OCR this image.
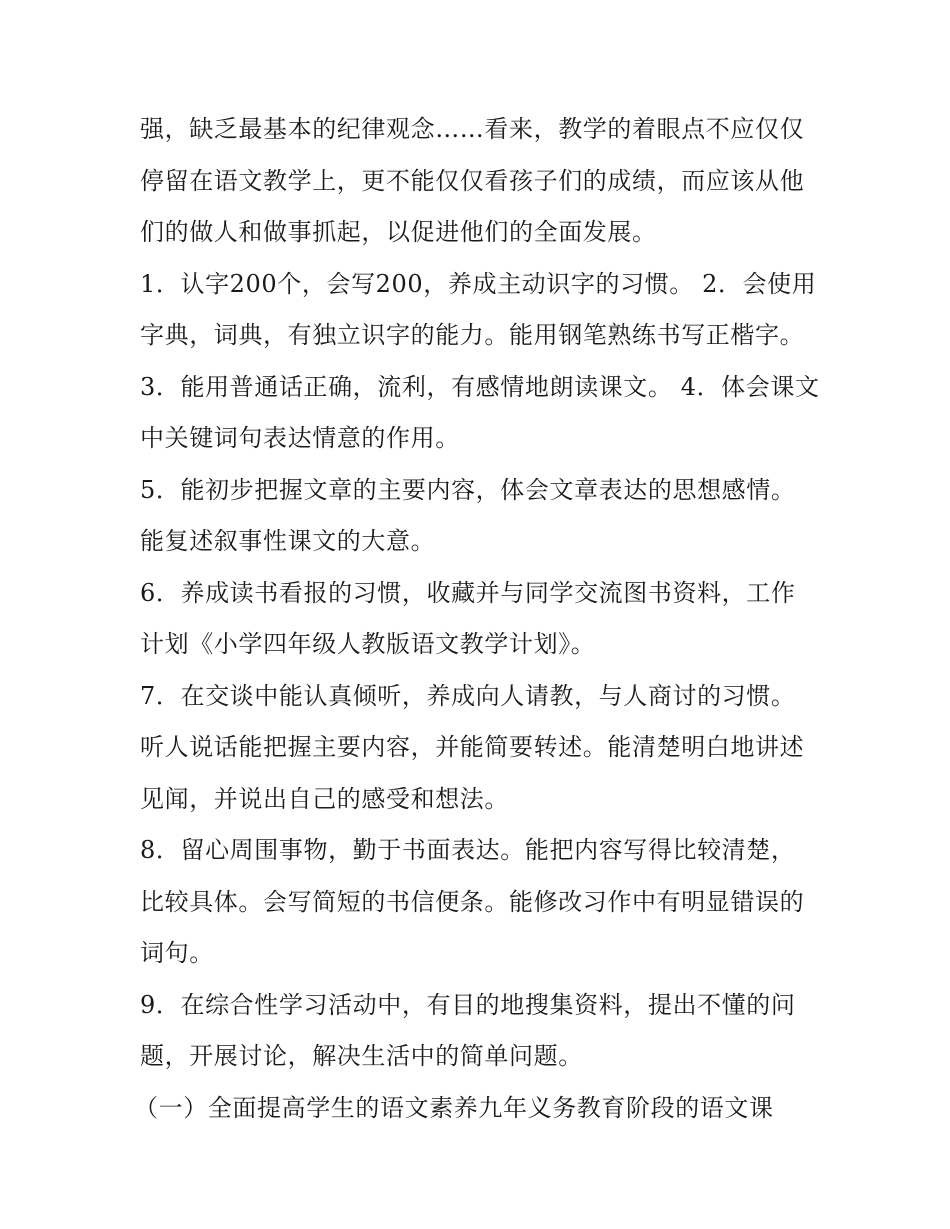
强，缺乏最基本的纪律观念……看来，教学的着眼点不应仅仅停留在语文教学上，更不能仅仅看孩子们的成绩，而应该从他们的做人和做事抓起，以促进他们的全面发展。

1．认字200个，会写200，养成主动识字的习惯。 2．会使用字典，词典，有独立识字的能力。能用钢笔熟练书写正楷字。

3．能用普通话正确，流利，有感情地朗读课文。 4．体会课文中关键词句表达情意的作用。

5．能初步把握文章的主要内容，体会文章表达的思想感情。能复述叙事性课文的大意。

6．养成读书看报的习惯，收藏并与同学交流图书资料，工作计划《小学四年级人教版语文教学计划》。

7．在交谈中能认真倾听，养成向人请教，与人商讨的习惯。听人说话能把握主要内容，并能简要转述。能清楚明白地讲述见闻，并说出自己的感受和想法。

8．留心周围事物，勤于书面表达。能把内容写得比较清楚，比较具体。会写简短的书信便条。能修改习作中有明显错误的词句。

9．在综合性学习活动中，有目的地搜集资料，提出不懂的问题，开展讨论，解决生活中的简单问题。

（一）全面提高学生的语文素养九年义务教育阶段的语文课
